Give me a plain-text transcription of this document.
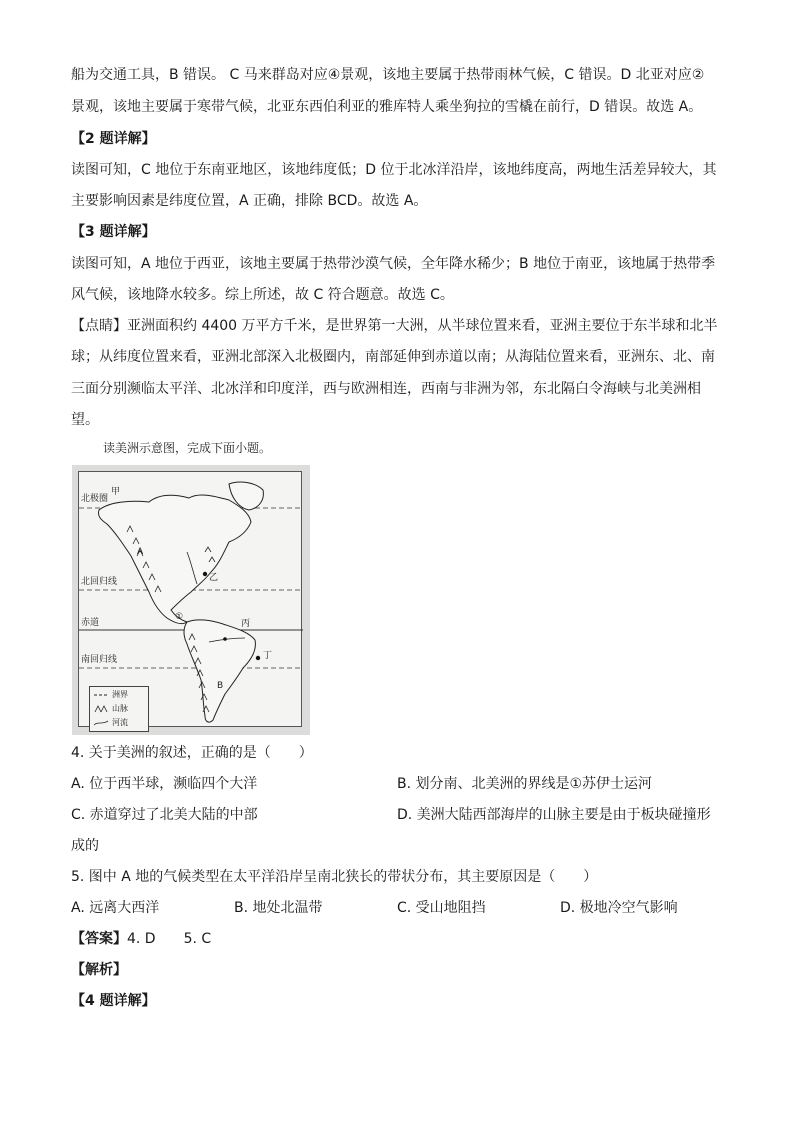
船为交通工具，B 错误。 C 马来群岛对应④景观，该地主要属于热带雨林气候，C 错误。D 北亚对应②
景观，该地主要属于寒带气候，北亚东西伯利亚的雅库特人乘坐狗拉的雪橇在前行，D 错误。故选 A。
【2 题详解】
读图可知，C 地位于东南亚地区，该地纬度低；D 位于北冰洋沿岸，该地纬度高，两地生活差异较大，其
主要影响因素是纬度位置，A 正确，排除 BCD。故选 A。
【3 题详解】
读图可知，A 地位于西亚，该地主要属于热带沙漠气候，全年降水稀少；B 地位于南亚，该地属于热带季
风气候，该地降水较多。综上所述，故 C 符合题意。故选 C。
【点睛】亚洲面积约 4400 万平方千米，是世界第一大洲，从半球位置来看，亚洲主要位于东半球和北半
球；从纬度位置来看，亚洲北部深入北极圈内，南部延伸到赤道以南；从海陆位置来看，亚洲东、北、南
三面分别濒临太平洋、北冰洋和印度洋，西与欧洲相连，西南与非洲为邻，东北隔白令海峡与北美洲相
望。
读美洲示意图，完成下面小题。
北极圈
甲
北回归线
赤道
南回归线
A
B
①
乙
丙
丁
洲界
山脉
河流
4. 关于美洲的叙述，正确的是（　　）
A. 位于西半球，濒临四个大洋	B. 划分南、北美洲的界线是①苏伊士运河
C. 赤道穿过了北美大陆的中部	D. 美洲大陆西部海岸的山脉主要是由于板块碰撞形
成的
5. 图中 A 地的气候类型在太平洋沿岸呈南北狭长的带状分布，其主要原因是（　　）
A. 远离大西洋	B. 地处北温带	C. 受山地阻挡	D. 极地冷空气影响
【答案】4. D　　5. C
【解析】
【4 题详解】
